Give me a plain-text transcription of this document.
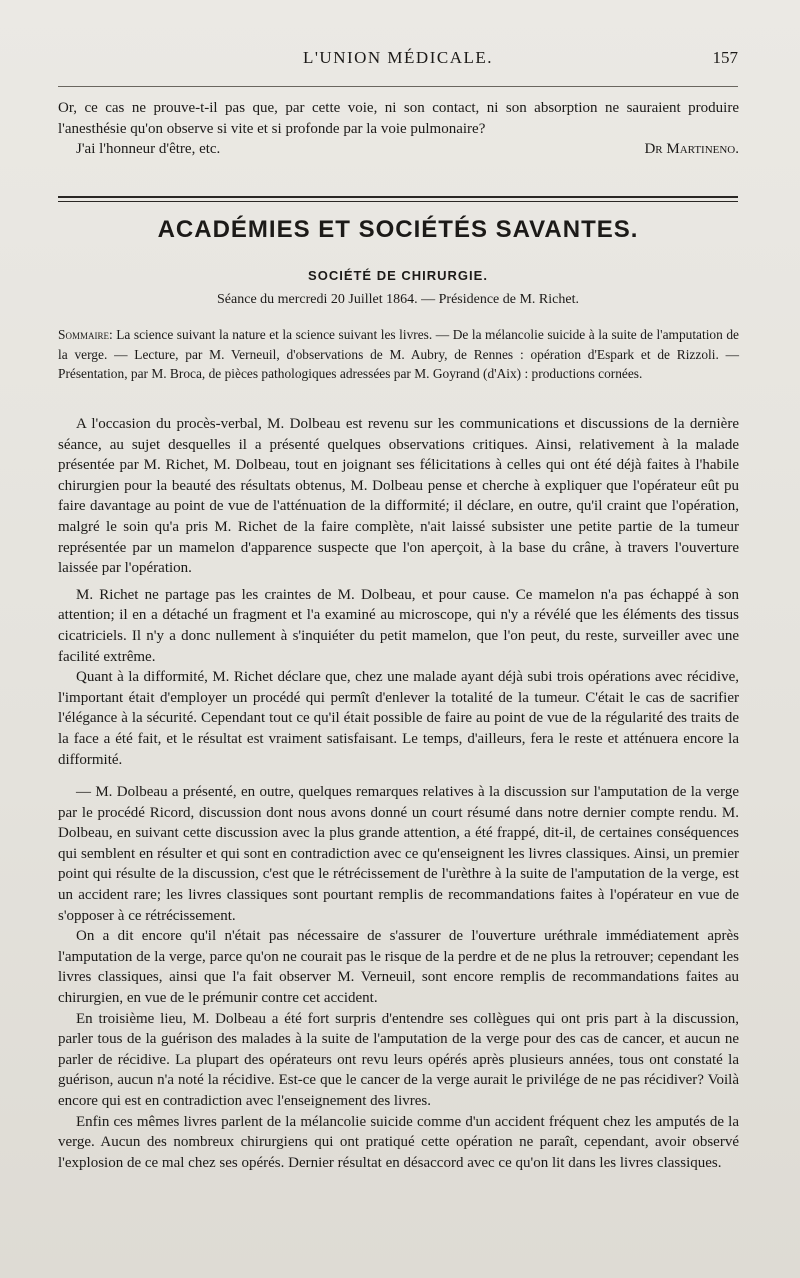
L'UNION MÉDICALE.	157

Or, ce cas ne prouve-t-il pas que, par cette voie, ni son contact, ni son absorption ne sauraient produire l'anesthésie qu'on observe si vite et si profonde par la voie pulmonaire?

J'ai l'honneur d'être, etc.	Dr Martineno.
ACADÉMIES ET SOCIÉTÉS SAVANTES.
SOCIÉTÉ DE CHIRURGIE.
Séance du mercredi 20 Juillet 1864. — Présidence de M. Richet.
Sommaire: La science suivant la nature et la science suivant les livres. — De la mélancolie suicide à la suite de l'amputation de la verge. — Lecture, par M. Verneuil, d'observations de M. Aubry, de Rennes : opération d'Espark et de Rizzoli. — Présentation, par M. Broca, de pièces pathologiques adressées par M. Goyrand (d'Aix) : productions cornées.

A l'occasion du procès-verbal, M. Dolbeau est revenu sur les communications et discussions de la dernière séance, au sujet desquelles il a présenté quelques observations critiques. Ainsi, relativement à la malade présentée par M. Richet, M. Dolbeau, tout en joignant ses félicitations à celles qui ont été déjà faites à l'habile chirurgien pour la beauté des résultats obtenus, M. Dolbeau pense et cherche à expliquer que l'opérateur eût pu faire davantage au point de vue de l'atténuation de la difformité; il déclare, en outre, qu'il craint que l'opération, malgré le soin qu'a pris M. Richet de la faire complète, n'ait laissé subsister une petite partie de la tumeur représentée par un mamelon d'apparence suspecte que l'on aperçoit, à la base du crâne, à travers l'ouverture laissée par l'opération.

M. Richet ne partage pas les craintes de M. Dolbeau, et pour cause. Ce mamelon n'a pas échappé à son attention; il en a détaché un fragment et l'a examiné au microscope, qui n'y a révélé que les éléments des tissus cicatriciels. Il n'y a donc nullement à s'inquiéter du petit mamelon, que l'on peut, du reste, surveiller avec une facilité extrême.

Quant à la difformité, M. Richet déclare que, chez une malade ayant déjà subi trois opérations avec récidive, l'important était d'employer un procédé qui permît d'enlever la totalité de la tumeur. C'était le cas de sacrifier l'élégance à la sécurité. Cependant tout ce qu'il était possible de faire au point de vue de la régularité des traits de la face a été fait, et le résultat est vraiment satisfaisant. Le temps, d'ailleurs, fera le reste et atténuera encore la difformité.

— M. Dolbeau a présenté, en outre, quelques remarques relatives à la discussion sur l'amputation de la verge par le procédé Ricord, discussion dont nous avons donné un court résumé dans notre dernier compte rendu. M. Dolbeau, en suivant cette discussion avec la plus grande attention, a été frappé, dit-il, de certaines conséquences qui semblent en résulter et qui sont en contradiction avec ce qu'enseignent les livres classiques. Ainsi, un premier point qui résulte de la discussion, c'est que le rétrécissement de l'urèthre à la suite de l'amputation de la verge, est un accident rare; les livres classiques sont pourtant remplis de recommandations faites à l'opérateur en vue de s'opposer à ce rétrécissement.

On a dit encore qu'il n'était pas nécessaire de s'assurer de l'ouverture uréthrale immédiatement après l'amputation de la verge, parce qu'on ne courait pas le risque de la perdre et de ne plus la retrouver; cependant les livres classiques, ainsi que l'a fait observer M. Verneuil, sont encore remplis de recommandations faites au chirurgien, en vue de le prémunir contre cet accident.

En troisième lieu, M. Dolbeau a été fort surpris d'entendre ses collègues qui ont pris part à la discussion, parler tous de la guérison des malades à la suite de l'amputation de la verge pour des cas de cancer, et aucun ne parler de récidive. La plupart des opérateurs ont revu leurs opérés après plusieurs années, tous ont constaté la guérison, aucun n'a noté la récidive. Est-ce que le cancer de la verge aurait le privilége de ne pas récidiver? Voilà encore qui est en contradiction avec l'enseignement des livres.

Enfin ces mêmes livres parlent de la mélancolie suicide comme d'un accident fréquent chez les amputés de la verge. Aucun des nombreux chirurgiens qui ont pratiqué cette opération ne paraît, cependant, avoir observé l'explosion de ce mal chez ses opérés. Dernier résultat en désaccord avec ce qu'on lit dans les livres classiques.
